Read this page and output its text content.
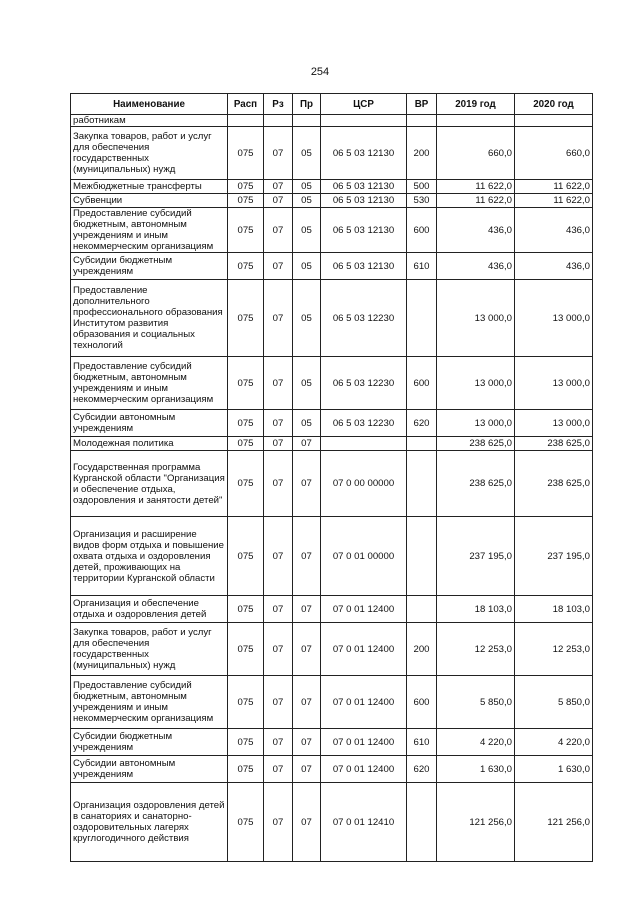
254
Наименование	Расп	Рз	Пр	ЦСР	ВР	2019 год	2020 год
работникам							
Закупка товаров, работ и услуг для обеспечения государственных (муниципальных) нужд	075	07	05	06 5 03 12130	200	660,0	660,0
Межбюджетные трансферты	075	07	05	06 5 03 12130	500	11 622,0	11 622,0
Субвенции	075	07	05	06 5 03 12130	530	11 622,0	11 622,0
Предоставление субсидий бюджетным, автономным учреждениям и иным некоммерческим организациям	075	07	05	06 5 03 12130	600	436,0	436,0
Субсидии бюджетным учреждениям	075	07	05	06 5 03 12130	610	436,0	436,0
Предоставление дополнительного профессионального образования Институтом развития образования и социальных технологий	075	07	05	06 5 03 12230		13 000,0	13 000,0
Предоставление субсидий бюджетным, автономным учреждениям и иным некоммерческим организациям	075	07	05	06 5 03 12230	600	13 000,0	13 000,0
Субсидии автономным учреждениям	075	07	05	06 5 03 12230	620	13 000,0	13 000,0
Молодежная политика	075	07	07			238 625,0	238 625,0
Государственная программа Курганской области "Организация и обеспечение отдыха, оздоровления и занятости детей"	075	07	07	07 0 00 00000		238 625,0	238 625,0
Организация и расширение видов форм отдыха и повышение охвата отдыха и оздоровления детей, проживающих на территории Курганской области	075	07	07	07 0 01 00000		237 195,0	237 195,0
Организация и обеспечение отдыха и оздоровления детей	075	07	07	07 0 01 12400		18 103,0	18 103,0
Закупка товаров, работ и услуг для обеспечения государственных (муниципальных) нужд	075	07	07	07 0 01 12400	200	12 253,0	12 253,0
Предоставление субсидий бюджетным, автономным учреждениям и иным некоммерческим организациям	075	07	07	07 0 01 12400	600	5 850,0	5 850,0
Субсидии бюджетным учреждениям	075	07	07	07 0 01 12400	610	4 220,0	4 220,0
Субсидии автономным учреждениям	075	07	07	07 0 01 12400	620	1 630,0	1 630,0
Организация оздоровления детей в санаториях и санаторно-оздоровительных лагерях круглогодичного действия	075	07	07	07 0 01 12410		121 256,0	121 256,0
